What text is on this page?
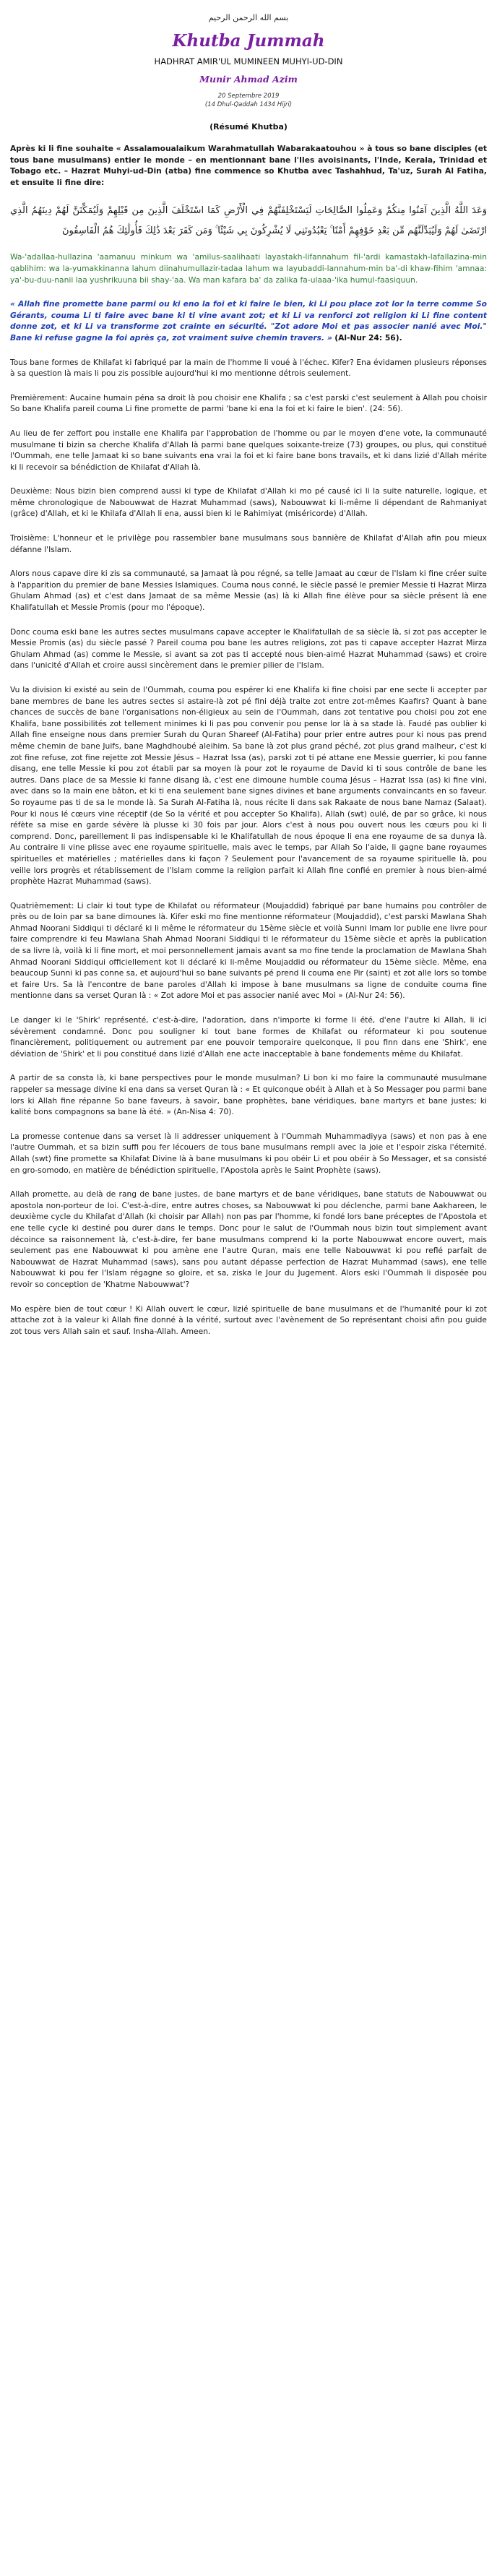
بسم الله الرحمن الرحيم
Khutba Jummah
HADHRAT AMIR'UL MUMINEEN MUHYI-UD-DIN
Munir Ahmad Azim
20 Septembre 2019
(14 Dhul-Qaddah 1434 Hijri)
(Résumé Khutba)

Après ki li fine souhaite « Assalamoualaikum Warahmatullah Wabarakaatouhou » à tous so bane disciples (et tous bane musulmans) entier le monde – en mentionnant bane l'Iles avoisinants, l'Inde, Kerala, Trinidad et Tobago etc. – Hazrat Muhyi-ud-Din (atba) fine commence so Khutba avec Tashahhud, Ta'uz, Surah Al Fatiha, et ensuite li fine dire:

وَعَدَ اللَّهُ الَّذِينَ آمَنُوا مِنكُمْ وَعَمِلُوا الصَّالِحَاتِ لَيَسْتَخْلِفَنَّهُمْ فِي الْأَرْضِ كَمَا اسْتَخْلَفَ الَّذِينَ مِن قَبْلِهِمْ وَلَيُمَكِّنَنَّ لَهُمْ دِينَهُمُ الَّذِي ارْتَضَىٰ لَهُمْ وَلَيُبَدِّلَنَّهُم مِّن بَعْدِ خَوْفِهِمْ أَمْنًا ۚ يَعْبُدُونَنِي لَا يُشْرِكُونَ بِي شَيْئًا ۚ وَمَن كَفَرَ بَعْدَ ذَٰلِكَ فَأُولَٰئِكَ هُمُ الْفَاسِقُونَ
Wa-'adallaa-hullazina 'aamanuu minkum wa 'amilus-saalihaati layastakh-lifannahum fil-'ardi kamastakh-lafallazina-min qablihim: wa la-yumakkinanna lahum diinahumullazir-tadaa lahum wa layubaddi-lannahum-min ba'-di khaw-fihim 'amnaa: ya'-bu-duu-nanii laa yushrikuuna bii shay-'aa. Wa man kafara ba' da zalika fa-ulaaa-'ika humul-faasiquun.

« Allah fine promette bane parmi ou ki eno la foi et ki faire le bien, ki Li pou place zot lor la terre comme So Gérants, couma Li ti faire avec bane ki ti vine avant zot; et ki Li va renforci zot religion ki Li fine content donne zot, et ki Li va transforme zot crainte en sécurité. "Zot adore Moi et pas associer nanié avec Moi." Bane ki refuse gagne la foi après ça, zot vraiment suive chemin travers. » (Al-Nur 24: 56).

Tous bane formes de Khilafat ki fabriqué par la main de l'homme li voué à l'échec. Kifer? Ena évidamen plusieurs réponses à sa question là mais li pou zis possible aujourd'hui ki mo mentionne détrois seulement.

Premièrement: Aucaine humain péna sa droit là pou choisir ene Khalifa ; sa c'est parski c'est seulement à Allah pou choisir So bane Khalifa pareil couma Li fine promette de parmi 'bane ki ena la foi et ki faire le bien'. (24: 56).

Au lieu de fer zeffort pou installe ene Khalifa par l'approbation de l'homme ou par le moyen d'ene vote, la communauté musulmane ti bizin sa cherche Khalifa d'Allah là parmi bane quelques soixante-treize (73) groupes, ou plus, qui constitué l'Oummah, ene telle Jamaat ki so bane suivants ena vrai la foi et ki faire bane bons travails, et ki dans lizié d'Allah mérite ki li recevoir sa bénédiction de Khilafat d'Allah là.

Deuxième: Nous bizin bien comprend aussi ki type de Khilafat d'Allah ki mo pé causé ici li la suite naturelle, logique, et même chronologique de Nabouwwat de Hazrat Muhammad (saws), Nabouwwat ki li-même li dépendant de Rahmaniyat (grâce) d'Allah, et ki le Khilafa d'Allah li ena, aussi bien ki le Rahimiyat (miséricorde) d'Allah.

Troisième: L'honneur et le privilège pou rassembler bane musulmans sous bannière de Khilafat d'Allah afin pou mieux défanne l'Islam.

Alors nous capave dire ki zis sa communauté, sa Jamaat là pou régné, sa telle Jamaat au cœur de l'Islam ki fine créer suite à l'apparition du premier de bane Messies Islamiques. Couma nous conné, le siècle passé le premier Messie ti Hazrat Mirza Ghulam Ahmad (as) et c'est dans Jamaat de sa même Messie (as) là ki Allah fine élève pour sa siècle présent là ene Khalifatullah et Messie Promis (pour mo l'époque).

Donc couma eski bane les autres sectes musulmans capave accepter le Khalifatullah de sa siècle là, si zot pas accepter le Messie Promis (as) du siècle passé ? Pareil couma pou bane les autres religions, zot pas ti capave accepter Hazrat Mirza Ghulam Ahmad (as) comme le Messie, si avant sa zot pas ti accepté nous bien-aimé Hazrat Muhammad (saws) et croire dans l'unicité d'Allah et croire aussi sincèrement dans le premier pilier de l'Islam.

Vu la division ki existé au sein de l'Oummah, couma pou espérer ki ene Khalifa ki fine choisi par ene secte li accepter par bane membres de bane les autres sectes si astaire-là zot pé fini déjà traite zot entre zot-mêmes Kaafirs? Quant à bane chances de succès de bane l'organisations non-éligieux au sein de l'Oummah, dans zot tentative pou choisi pou zot ene Khalifa, bane possibilités zot tellement minimes ki li pas pou convenir pou pense lor là à sa stade là. Faudé pas oublier ki Allah fine enseigne nous dans premier Surah du Quran Shareef (Al-Fatiha) pour prier entre autres pour ki nous pas prend même chemin de bane Juifs, bane Maghdhoubé aleihim. Sa bane là zot plus grand péché, zot plus grand malheur, c'est ki zot fine refuse, zot fine rejette zot Messie Jésus – Hazrat Issa (as), parski zot ti pé attane ene Messie guerrier, ki pou fanne disang, ene telle Messie ki pou zot établi par sa moyen là pour zot le royaume de David ki ti sous contrôle de bane les autres. Dans place de sa Messie ki fanne disang là, c'est ene dimoune humble couma Jésus – Hazrat Issa (as) ki fine vini, avec dans so la main ene bâton, et ki ti ena seulement bane signes divines et bane arguments convaincants en so faveur. So royaume pas ti de sa le monde là. Sa Surah Al-Fatiha là, nous récite li dans sak Rakaate de nous bane Namaz (Salaat). Pour ki nous lé cœurs vine réceptif (de So la vérité et pou accepter So Khalifa), Allah (swt) oulé, de par so grâce, ki nous réfète sa mise en garde sévère là plusse ki 30 fois par jour. Alors c'est à nous pou ouvert nous les cœurs pou ki li comprend. Donc, pareillement li pas indispensable ki le Khalifatullah de nous époque li ena ene royaume de sa dunya là. Au contraire li vine plisse avec ene royaume spirituelle, mais avec le temps, par Allah So l'aide, li gagne bane royaumes spirituelles et matérielles ; matérielles dans ki façon ? Seulement pour l'avancement de sa royaume spirituelle là, pou veille lors progrès et rétablissement de l'Islam comme la religion parfait ki Allah fine confié en premier à nous bien-aimé prophète Hazrat Muhammad (saws).

Quatrièmement: Li clair ki tout type de Khilafat ou réformateur (Moujaddid) fabriqué par bane humains pou contrôler de près ou de loin par sa bane dimounes là. Kifer eski mo fine mentionne réformateur (Moujaddid), c'est parski Mawlana Shah Ahmad Noorani Siddiqui ti déclaré ki li même le réformateur du 15ème siècle et voilà Sunni Imam lor publie ene livre pour faire comprendre ki feu Mawlana Shah Ahmad Noorani Siddiqui ti le réformateur du 15ème siècle et après la publication de sa livre là, voilà ki li fine mort, et moi personnellement jamais avant sa mo fine tende la proclamation de Mawlana Shah Ahmad Noorani Siddiqui officiellement kot li déclaré ki li-même Moujaddid ou réformateur du 15ème siècle. Même, ena beaucoup Sunni ki pas conne sa, et aujourd'hui so bane suivants pé prend li couma ene Pir (saint) et zot alle lors so tombe et faire Urs. Sa là l'encontre de bane paroles d'Allah ki impose à bane musulmans sa ligne de conduite couma fine mentionne dans sa verset Quran là : « Zot adore Moi et pas associer nanié avec Moi » (Al-Nur 24: 56).

Le danger ki le 'Shirk' représenté, c'est-à-dire, l'adoration, dans n'importe ki forme li été, d'ene l'autre ki Allah, li ici sévèrement condamné. Donc pou souligner ki tout bane formes de Khilafat ou réformateur ki pou soutenue financièrement, politiquement ou autrement par ene pouvoir temporaire quelconque, li pou finn dans ene 'Shirk', ene déviation de 'Shirk' et li pou constitué dans lizié d'Allah ene acte inacceptable à bane fondements même du Khilafat.

A partir de sa consta là, ki bane perspectives pour le monde musulman? Li bon ki mo faire la communauté musulmane rappeler sa message divine ki ena dans sa verset Quran là : « Et quiconque obéit à Allah et à So Messager pou parmi bane lors ki Allah fine répanne So bane faveurs, à savoir, bane prophètes, bane véridiques, bane martyrs et bane justes; ki kalité bons compagnons sa bane là été. » (An-Nisa 4: 70).

La promesse contenue dans sa verset là li addresser uniquement à l'Oummah Muhammadiyya (saws) et non pas à ene l'autre Oummah, et sa bizin suffi pou fer lécouers de tous bane musulmans rempli avec la joie et l'espoir ziska l'éternité. Allah (swt) fine promette sa Khilafat Divine là à bane musulmans ki pou obéir Li et pou obéir à So Messager, et sa consisté en gro-somodo, en matière de bénédiction spirituelle, l'Apostola après le Saint Prophète (saws).

Allah promette, au delà de rang de bane justes, de bane martyrs et de bane véridiques, bane statuts de Nabouwwat ou apostola non-porteur de loi. C'est-à-dire, entre autres choses, sa Nabouwwat ki pou déclenche, parmi bane Aakhareen, le deuxième cycle du Khilafat d'Allah (ki choisir par Allah) non pas par l'homme, ki fondé lors bane préceptes de l'Apostola et ene telle cycle ki destiné pou durer dans le temps. Donc pour le salut de l'Oummah nous bizin tout simplement avant décoince sa raisonnement là, c'est-à-dire, fer bane musulmans comprend ki la porte Nabouwwat encore ouvert, mais seulement pas ene Nabouwwat ki pou amène ene l'autre Quran, mais ene telle Nabouwwat ki pou reflé parfait de Nabouwwat de Hazrat Muhammad (saws), sans pou autant dépasse perfection de Hazrat Muhammad (saws), ene telle Nabouwwat ki pou fer l'Islam régagne so gloire, et sa, ziska le Jour du Jugement. Alors eski l'Oummah li disposée pou revoir so conception de 'Khatme Nabouwwat'?

Mo espère bien de tout cœur ! Ki Allah ouvert le cœur, lizié spirituelle de bane musulmans et de l'humanité pour ki zot attache zot à la valeur ki Allah fine donné à la vérité, surtout avec l'avènement de So représentant choisi afin pou guide zot tous vers Allah sain et sauf. Insha-Allah. Ameen.
